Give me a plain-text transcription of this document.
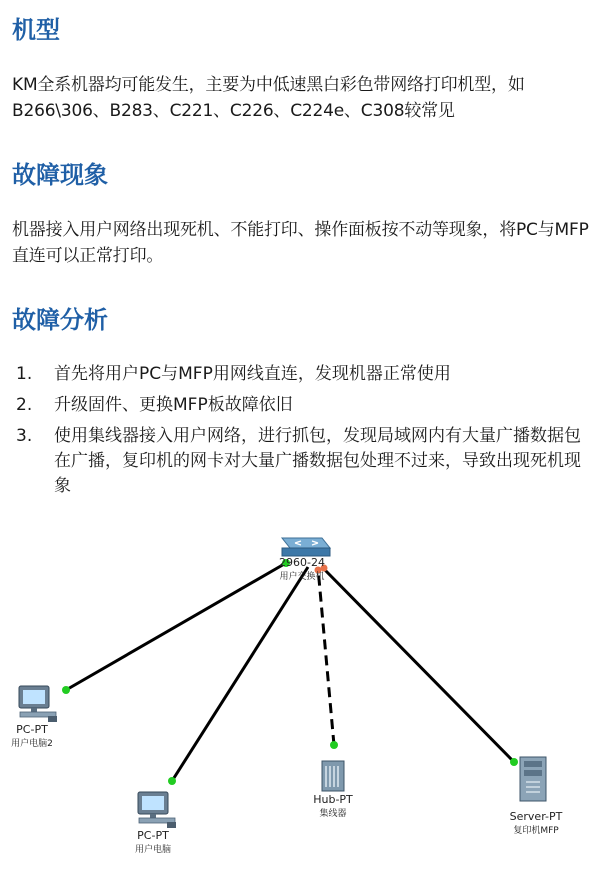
机型

KM全系机器均可能发生，主要为中低速黑白彩色带网络打印机型，如B266\306、B283、C221、C226、C224e、C308较常见

故障现象

机器接入用户网络出现死机、不能打印、操作面板按不动等现象，将PC与MFP直连可以正常打印。

故障分析
1. 首先将用户PC与MFP用网线直连，发现机器正常使用
2. 升级固件、更换MFP板故障依旧
3. 使用集线器接入用户网络，进行抓包，发现局域网内有大量广播数据包在广播，复印机的网卡对大量广播数据包处理不过来，导致出现死机现象
2960-24
用户交换机
PC-PT
用户电脑2
PC-PT
用户电脑
Hub-PT
集线器	Server-PT
复印机MFP
